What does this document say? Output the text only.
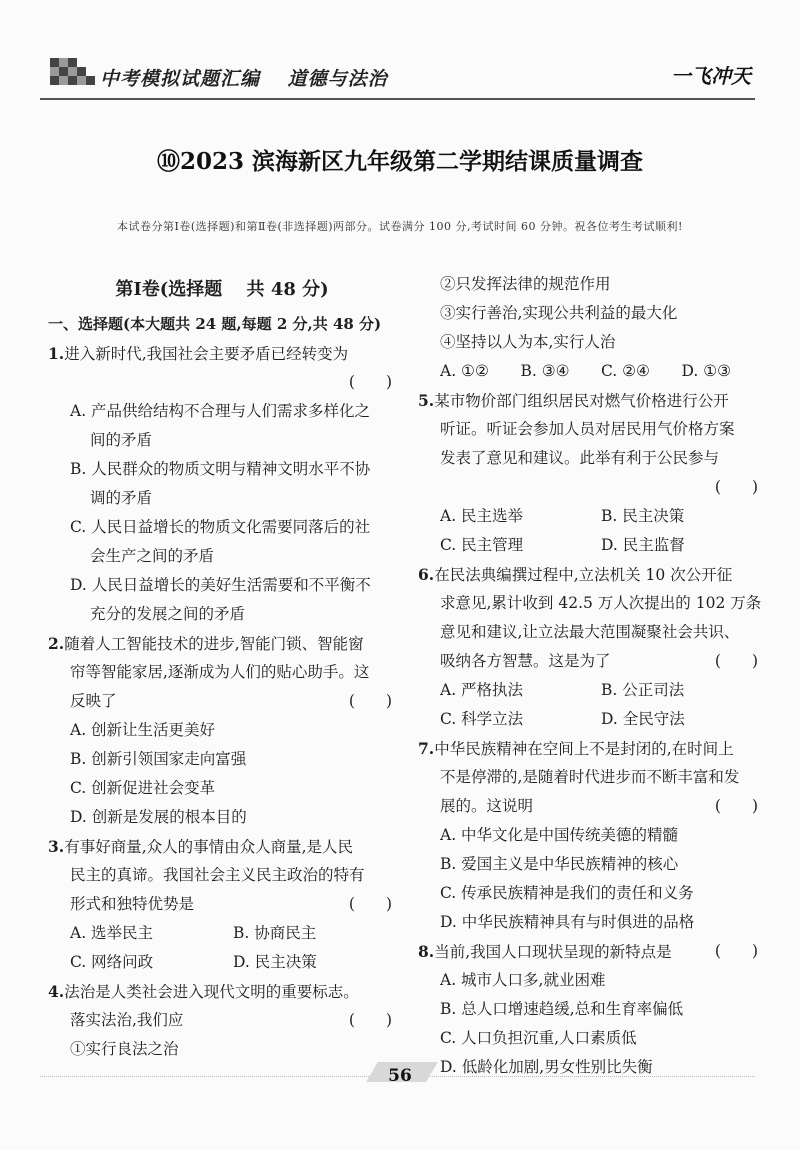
中考模拟试题汇编　 道德与法治	一飞冲天
⑩2023 滨海新区九年级第二学期结课质量调查
本试卷分第Ⅰ卷(选择题)和第Ⅱ卷(非选择题)两部分。试卷满分 100 分,考试时间 60 分钟。祝各位考生考试顺利!
第Ⅰ卷(选择题　 共 48 分)
一、选择题(本大题共 24 题,每题 2 分,共 48 分)
1.进入新时代,我国社会主要矛盾已经转变为
(　　)
A. 产品供给结构不合理与人们需求多样化之
间的矛盾
B. 人民群众的物质文明与精神文明水平不协
调的矛盾
C. 人民日益增长的物质文化需要同落后的社
会生产之间的矛盾
D. 人民日益增长的美好生活需要和不平衡不
充分的发展之间的矛盾
2.随着人工智能技术的进步,智能门锁、智能窗
帘等智能家居,逐渐成为人们的贴心助手。这
反映了	(　　)
A. 创新让生活更美好
B. 创新引领国家走向富强
C. 创新促进社会变革
D. 创新是发展的根本目的
3.有事好商量,众人的事情由众人商量,是人民
民主的真谛。我国社会主义民主政治的特有
形式和独特优势是	(　　)
A. 选举民主	B. 协商民主
C. 网络问政	D. 民主决策
4.法治是人类社会进入现代文明的重要标志。
落实法治,我们应	(　　)
①实行良法之治
②只发挥法律的规范作用
③实行善治,实现公共利益的最大化
④坚持以人为本,实行人治
A. ①②	B. ③④	C. ②④	D. ①③
5.某市物价部门组织居民对燃气价格进行公开
听证。听证会参加人员对居民用气价格方案
发表了意见和建议。此举有利于公民参与
(　　)
A. 民主选举	B. 民主决策
C. 民主管理	D. 民主监督
6.在民法典编撰过程中,立法机关 10 次公开征
求意见,累计收到 42.5 万人次提出的 102 万条
意见和建议,让立法最大范围凝聚社会共识、
吸纳各方智慧。这是为了	(　　)
A. 严格执法	B. 公正司法
C. 科学立法	D. 全民守法
7.中华民族精神在空间上不是封闭的,在时间上
不是停滞的,是随着时代进步而不断丰富和发
展的。这说明	(　　)
A. 中华文化是中国传统美德的精髓
B. 爱国主义是中华民族精神的核心
C. 传承民族精神是我们的责任和义务
D. 中华民族精神具有与时俱进的品格
8.当前,我国人口现状呈现的新特点是	(　　)
A. 城市人口多,就业困难
B. 总人口增速趋缓,总和生育率偏低
C. 人口负担沉重,人口素质低
D. 低龄化加剧,男女性别比失衡
56
